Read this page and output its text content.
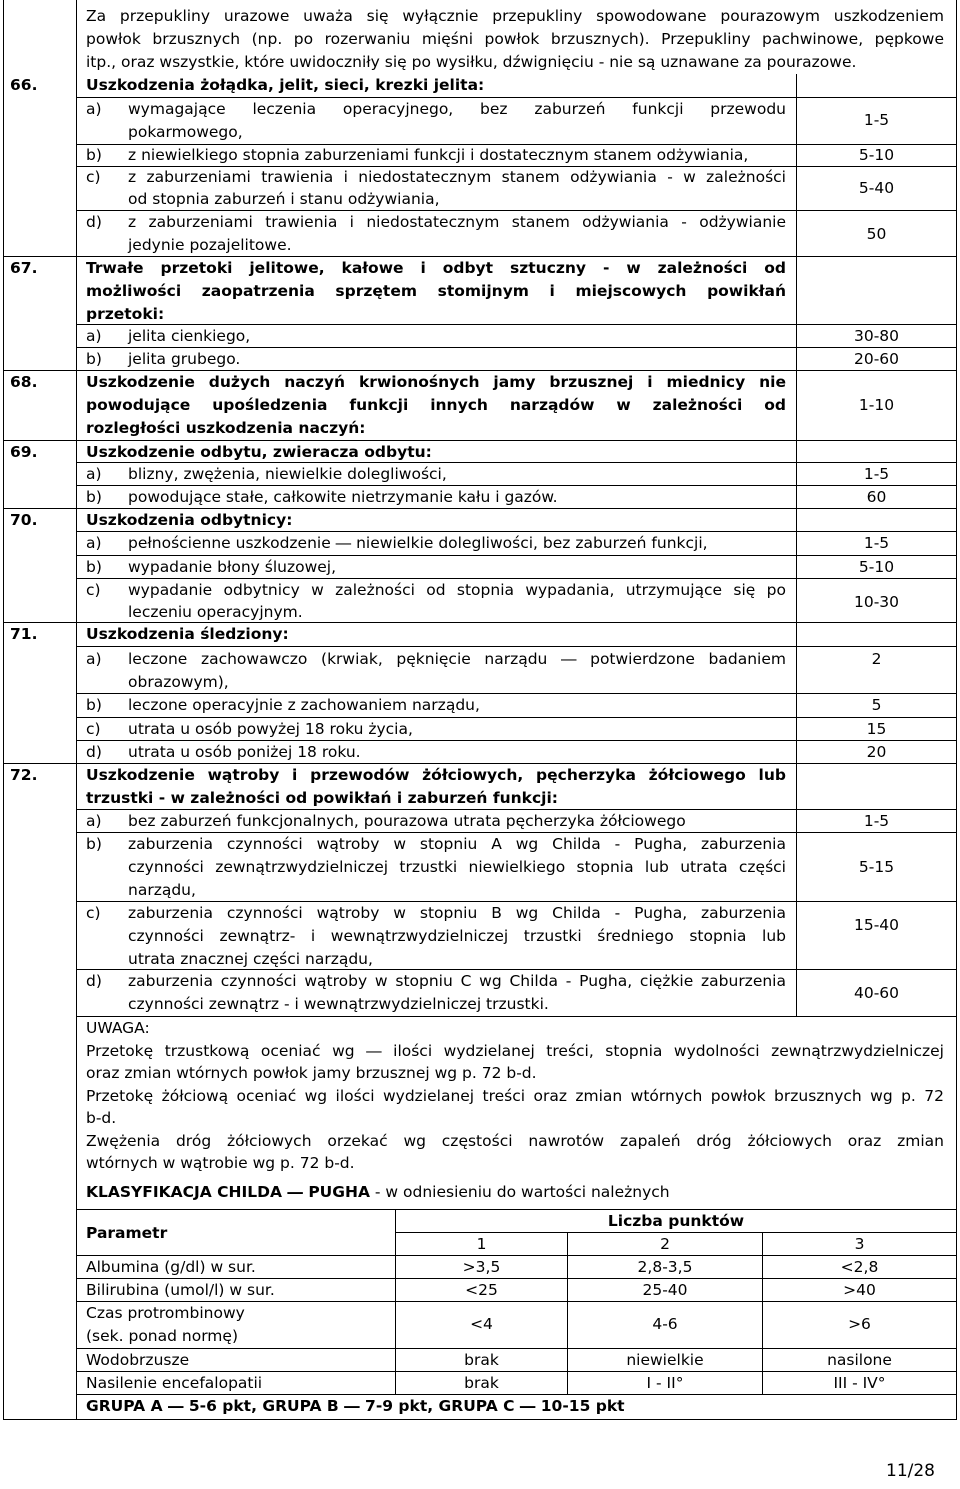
Za przepukliny urazowe uważa się wyłącznie przepukliny spowodowane pourazowym uszkodzeniem
powłok brzusznych (np. po rozerwaniu mięśni powłok brzusznych). Przepukliny pachwinowe, pępkowe
itp., oraz wszystkie, które uwidoczniły się po wysiłku, dźwignięciu - nie są uznawane za pourazowe.
66.	Uszkodzenia żołądka, jelit, sieci, krezki jelita:
a) wymagające leczenia operacyjnego, bez zaburzeń funkcji przewodu
pokarmowego,
1-5
b) z niewielkiego stopnia zaburzeniami funkcji i dostatecznym stanem odżywiania,	5-10
c) z zaburzeniami trawienia i niedostatecznym stanem odżywiania - w zależności
od stopnia zaburzeń i stanu odżywiania,
5-40
d) z zaburzeniami trawienia i niedostatecznym stanem odżywiania - odżywianie
jedynie pozajelitowe.
50
67.	Trwałe przetoki jelitowe, kałowe i odbyt sztuczny - w zależności od
możliwości zaopatrzenia sprzętem stomijnym i miejscowych powikłań
przetoki:
a) jelita cienkiego,	30-80
b) jelita grubego.	20-60
68.	Uszkodzenie dużych naczyń krwionośnych jamy brzusznej i miednicy nie
powodujące upośledzenia funkcji innych narządów w zależności od
rozległości uszkodzenia naczyń:
1-10
69.	Uszkodzenie odbytu, zwieracza odbytu:
a) blizny, zwężenia, niewielkie dolegliwości,	1-5
b) powodujące stałe, całkowite nietrzymanie kału i gazów.	60
70.	Uszkodzenia odbytnicy:
a) pełnościenne uszkodzenie ― niewielkie dolegliwości, bez zaburzeń funkcji,	1-5
b) wypadanie błony śluzowej,	5-10
c) wypadanie odbytnicy w zależności od stopnia wypadania, utrzymujące się po
leczeniu operacyjnym.
10-30
71.	Uszkodzenia śledziony:
a) leczone zachowawczo (krwiak, pęknięcie narządu ― potwierdzone badaniem
obrazowym),
2
b) leczone operacyjnie z zachowaniem narządu,	5
c) utrata u osób powyżej 18 roku życia,	15
d) utrata u osób poniżej 18 roku.	20
72.	Uszkodzenie wątroby i przewodów żółciowych, pęcherzyka żółciowego lub
trzustki - w zależności od powikłań i zaburzeń funkcji:
a) bez zaburzeń funkcjonalnych, pourazowa utrata pęcherzyka żółciowego	1-5
b) zaburzenia czynności wątroby w stopniu A wg Childa - Pugha, zaburzenia
czynności zewnątrzwydzielniczej trzustki niewielkiego stopnia lub utrata części
narządu,
5-15
c) zaburzenia czynności wątroby w stopniu B wg Childa - Pugha, zaburzenia
czynności zewnątrz- i wewnątrzwydzielniczej trzustki średniego stopnia lub
utrata znacznej części narządu,
15-40
d) zaburzenia czynności wątroby w stopniu C wg Childa - Pugha, ciężkie zaburzenia
czynności zewnątrz - i wewnątrzwydzielniczej trzustki.
40-60
UWAGA:
Przetokę trzustkową oceniać wg ― ilości wydzielanej treści, stopnia wydolności zewnątrzwydzielniczej
oraz zmian wtórnych powłok jamy brzusznej wg p. 72 b-d.
Przetokę żółciową oceniać wg ilości wydzielanej treści oraz zmian wtórnych powłok brzusznych wg p. 72
b-d.
Zwężenia dróg żółciowych orzekać wg częstości nawrotów zapaleń dróg żółciowych oraz zmian
wtórnych w wątrobie wg p. 72 b-d.
KLASYFIKACJA CHILDA ― PUGHA - w odniesieniu do wartości należnych
Parametr
Liczba punktów
1	2	3
Albumina (g/dl) w sur.	>3,5	2,8-3,5	<2,8
Bilirubina (umol/l) w sur.	<25	25-40	>40
Czas protrombinowy
(sek. ponad normę)
<4	4-6	>6
Wodobrzusze	brak	niewielkie	nasilone
Nasilenie encefalopatii	brak	I - II°	III - IV°
GRUPA A ― 5-6 pkt, GRUPA B ― 7-9 pkt, GRUPA C ― 10-15 pkt
11/28
